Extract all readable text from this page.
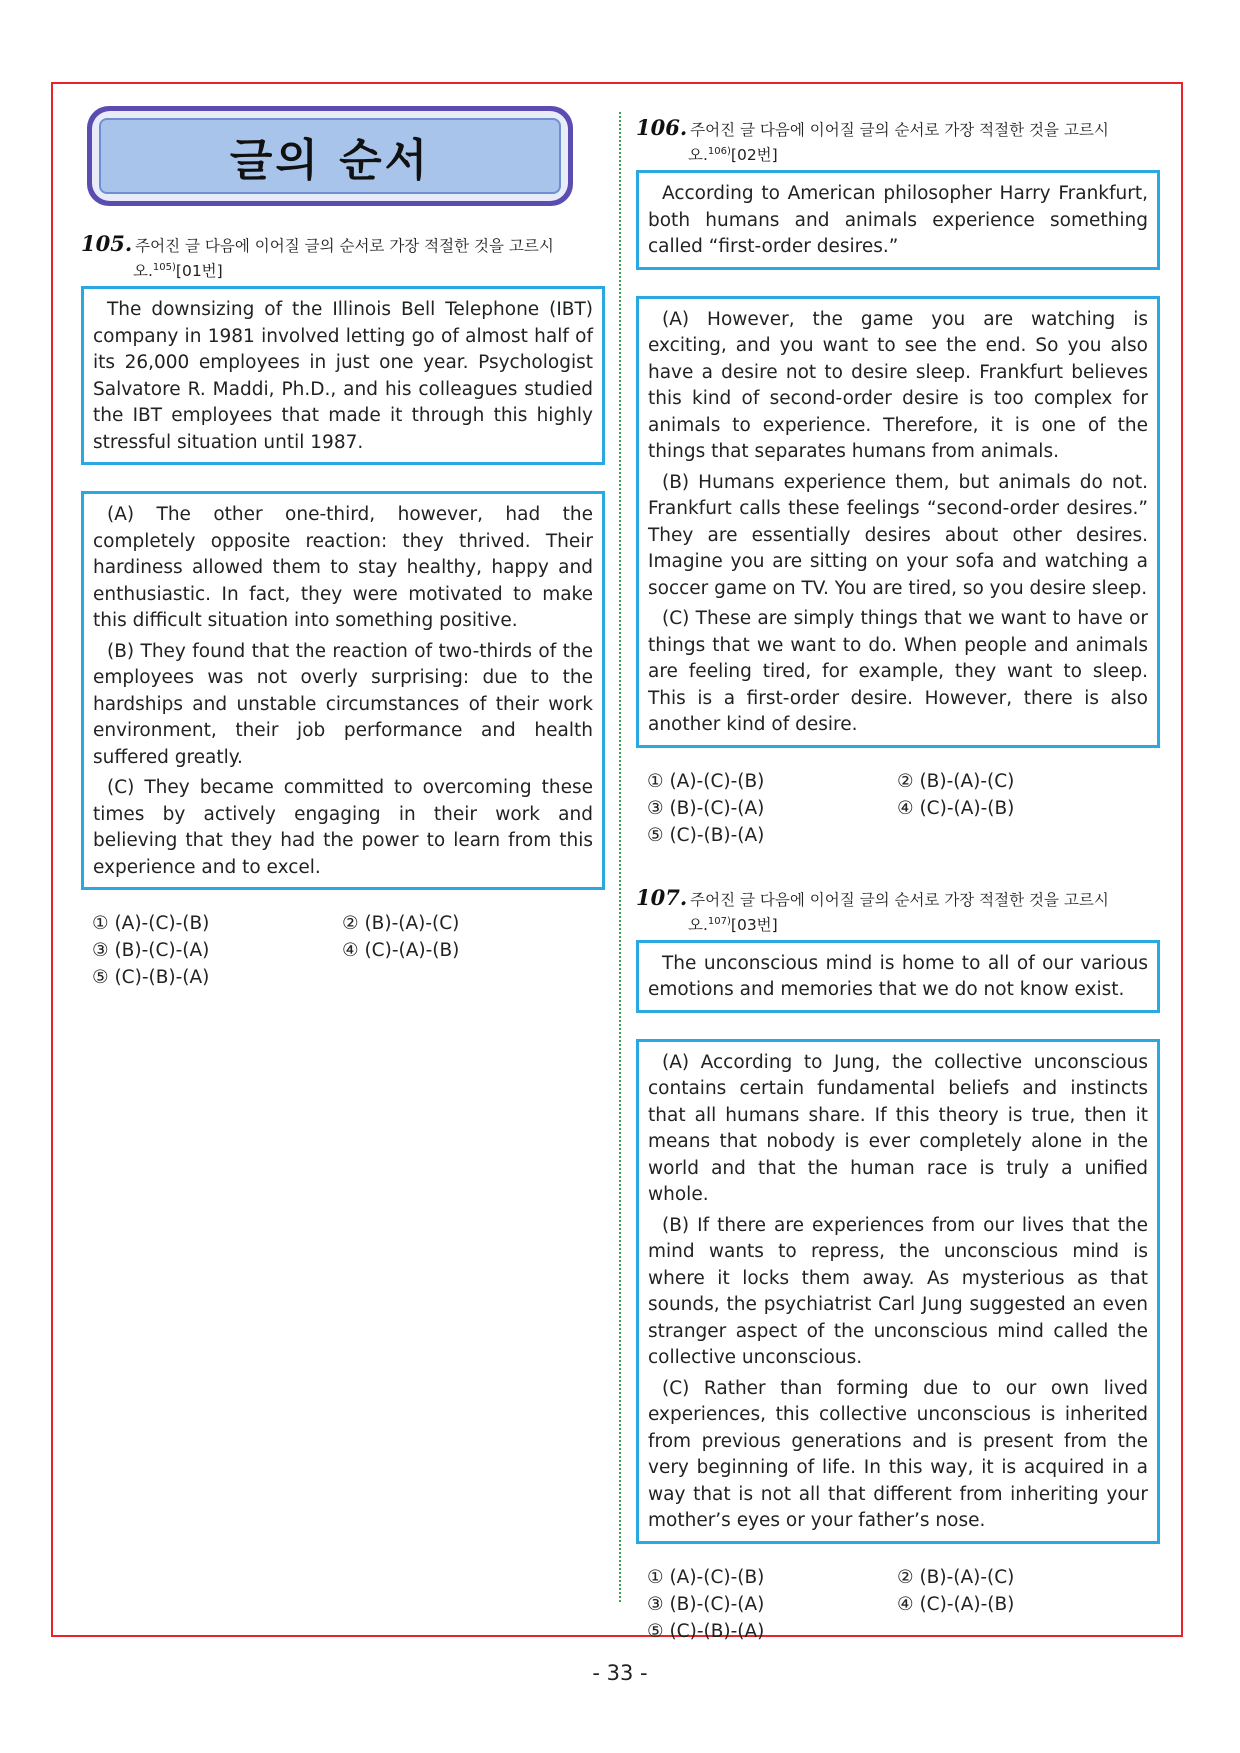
글의 순서
105. 주어진 글 다음에 이어질 글의 순서로 가장 적절한 것을 고르시
오.$^{105)}$[01번]

The downsizing of the Illinois Bell Telephone (IBT) company in 1981 involved letting go of almost half of its 26,000 employees in just one year. Psychologist Salvatore R. Maddi, Ph.D., and his colleagues studied the IBT employees that made it through this highly stressful situation until 1987.

(A) The other one-third, however, had the completely opposite reaction: they thrived. Their hardiness allowed them to stay healthy, happy and enthusiastic. In fact, they were motivated to make this difficult situation into something positive.

(B) They found that the reaction of two-thirds of the employees was not overly surprising: due to the hardships and unstable circumstances of their work environment, their job performance and health suffered greatly.

(C) They became committed to overcoming these times by actively engaging in their work and believing that they had the power to learn from this experience and to excel.

① (A)-(C)-(B)	② (B)-(A)-(C)
③ (B)-(C)-(A)	④ (C)-(A)-(B)
⑤ (C)-(B)-(A)
106. 주어진 글 다음에 이어질 글의 순서로 가장 적절한 것을 고르시
오.$^{106)}$[02번]

According to American philosopher Harry Frankfurt, both humans and animals experience something called “first-order desires.”

(A) However, the game you are watching is exciting, and you want to see the end. So you also have a desire not to desire sleep. Frankfurt believes this kind of second-order desire is too complex for animals to experience. Therefore, it is one of the things that separates humans from animals.

(B) Humans experience them, but animals do not. Frankfurt calls these feelings “second-order desires.” They are essentially desires about other desires. Imagine you are sitting on your sofa and watching a soccer game on TV. You are tired, so you desire sleep.

(C) These are simply things that we want to have or things that we want to do. When people and animals are feeling tired, for example, they want to sleep. This is a first-order desire. However, there is also another kind of desire.

① (A)-(C)-(B)	② (B)-(A)-(C)
③ (B)-(C)-(A)	④ (C)-(A)-(B)
⑤ (C)-(B)-(A)
107. 주어진 글 다음에 이어질 글의 순서로 가장 적절한 것을 고르시
오.$^{107)}$[03번]

The unconscious mind is home to all of our various emotions and memories that we do not know exist.

(A) According to Jung, the collective unconscious contains certain fundamental beliefs and instincts that all humans share. If this theory is true, then it means that nobody is ever completely alone in the world and that the human race is truly a unified whole.

(B) If there are experiences from our lives that the mind wants to repress, the unconscious mind is where it locks them away. As mysterious as that sounds, the psychiatrist Carl Jung suggested an even stranger aspect of the unconscious mind called the collective unconscious.

(C) Rather than forming due to our own lived experiences, this collective unconscious is inherited from previous generations and is present from the very beginning of life. In this way, it is acquired in a way that is not all that different from inheriting your mother’s eyes or your father’s nose.

① (A)-(C)-(B)	② (B)-(A)-(C)
③ (B)-(C)-(A)	④ (C)-(A)-(B)
⑤ (C)-(B)-(A)
- 33 -
